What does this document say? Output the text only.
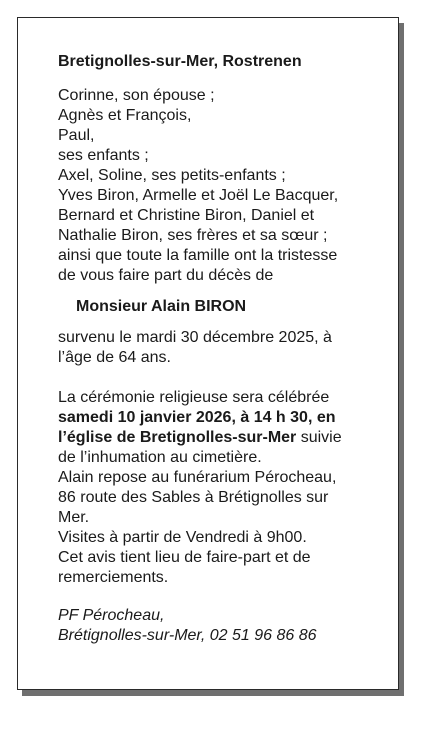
Bretignolles-sur-Mer, Rostrenen
Corinne, son épouse ;
Agnès et François,
Paul,
ses enfants ;
Axel, Soline, ses petits-enfants ;
Yves Biron, Armelle et Joël Le Bacquer,
Bernard et Christine Biron, Daniel et
Nathalie Biron, ses frères et sa sœur ;
ainsi que toute la famille ont la tristesse
de vous faire part du décès de
Monsieur Alain BIRON
survenu le mardi 30 décembre 2025, à
l’âge de 64 ans.
La cérémonie religieuse sera célébrée
samedi 10 janvier 2026, à 14 h 30, en
l’église de Bretignolles-sur-Mer suivie
de l’inhumation au cimetière.
Alain repose au funérarium Pérocheau,
86 route des Sables à Brétignolles sur
Mer.
Visites à partir de Vendredi à 9h00.
Cet avis tient lieu de faire-part et de
remerciements.
PF Pérocheau,
Brétignolles-sur-Mer, 02 51 96 86 86
